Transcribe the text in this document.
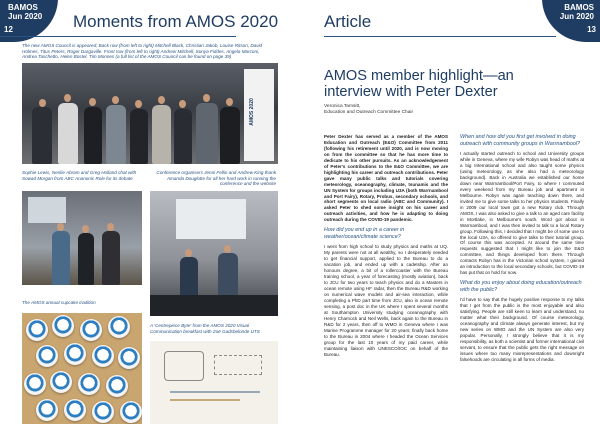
BAMOS
Jun 2020
12	Moments from AMOS 2020
The new AMOS Council is appeared; Back row (from left to right) Mitchell Black, Christian Jakob, Louise Ritson, David Holmes, Titus Peters, Roger Dargaville. Front row (from left to right) Andrew Mitchell, Sonya Fiddes, Angela Marconi, Andrea Taschetto, Helen Bostel, Tim Monnes (a full list of the AMOS Council can be found on page 39)
AMOS 2020
Sophie Lewis, Nerilie Abram and Greg Holland chat with Sowad Morgan from ABC Ananonic Role for its debate
Conference organisers Jenni Fellin and Andrew King thank Amanda Douglotte for all her hard work in running the conference and the website
The AMOS annual cupcake tradition
A 'Centrepiece Byte' from the AMOS 2020 Visual Communication breakfast with Zoë Gadsbelonde UTS
BAMOS
Jun 2020
13
Article
AMOS member highlight—an interview with Peter Dexter
Veronica Tamsitt,
Education and Outreach Committee Chair

Peter Dexter has served as a member of the AMOS Education and Outreach (E&O) Committee from 2011 (following his retirement until 2020, and is now moving on from the committee so that he has more time to dedicate to his other pursuits. As an acknowledgement of Peter's contributions to the E&O Committee, we are highlighting his career and outreach contributions. Peter gave many public talks and tutorials covering meteorology, oceanography, climate, tsunamis and the UN System for groups including U3A (both Warrnambool and Port Fairy), Rotary, Probus, secondary schools, and short segments on local radio (ABC and Community). I asked Peter to shed some insight on his career and outreach activities, and how he is adapting to doing outreach during the COVID-19 pandemic.

How did you end up in a career in weather/ocean/climate science?

I went from high school to study physics and maths at UQ. My parents were not at all wealthy, so I desperately needed to get financial support, applied to the Bureau to do a vacation job, and ended up with a cadetship. After an honours degree, a bit of a rollercoaster with the Bureau training school, a year of forecasting (mostly aviation), back to JCU for two years to teach physics and do a Masters in ocean remote using HF radar, then the Bureau R&D working on numerical wave models and air-sea interaction, while completing a PhD part time from JCU, also in ocean remote sensing, a post doc in the UK where I spent several months at Southampton University studying oceanography with Henry Charnock and Neil Wells, back again to the Bureau in R&D for 2 years, then off to WMO in Geneva where I was Marine Programme manager for 20 years; finally back home to the Bureau in 2004 where I headed the Ocean Services group for the last 10 years of my paid career, while maintaining liaison with UNESCO/IOC on behalf of the Bureau.

When and how did you first get involved in doing outreach with community groups in Warrnambool?

I actually started outreach to school and University groups while in Geneva, where my wife Robyn was head of maths at a big International school and also taught some physics (using meteorology, as she also had a meteorology background). Back in Australia we established our home down near Warrnambool/Port Fairy, to where I commuted every weekend from my Bureau job and apartment in Melbourne. Robyn was again teaching down there, and invited me to give some talks to her physics students. Finally in 2009 our local town got a new Rotary club. Through AMOS, I was also asked to give a talk to an aged care facility in Mortlake, in Melbourne's south. Word got about in Warrnambool, and I was then invited to talk to a local Rotary group. Following this, I decided that I might be of some use to the local U3A, so offered to give talks to their tutorial group. Of course this was accepted. At around the same time requests suggested that I might like to join the E&O committee, and things developed from there. Through contacts Robyn has in the Victorian school system, I gained an introduction to the local secondary schools, but COVID-19 has put that on hold for now.

What do you enjoy about doing education/outreach with the public?

I'd have to say that the hugely positive response to my talks that I get from the public is the most enjoyable and also satisfying. People are still keen to learn and understand, no matter what their background. Of course meteorology, oceanography and climate always generate interest, but my new series on WMO and the UN System are also very popular. Personally, I strongly believe that it is my responsibility, as both a scientist and former international civil servant, to ensure that the public gets the right message on issues where too many misrepresentations and downright falsehoods are circulating in all forms of media.
